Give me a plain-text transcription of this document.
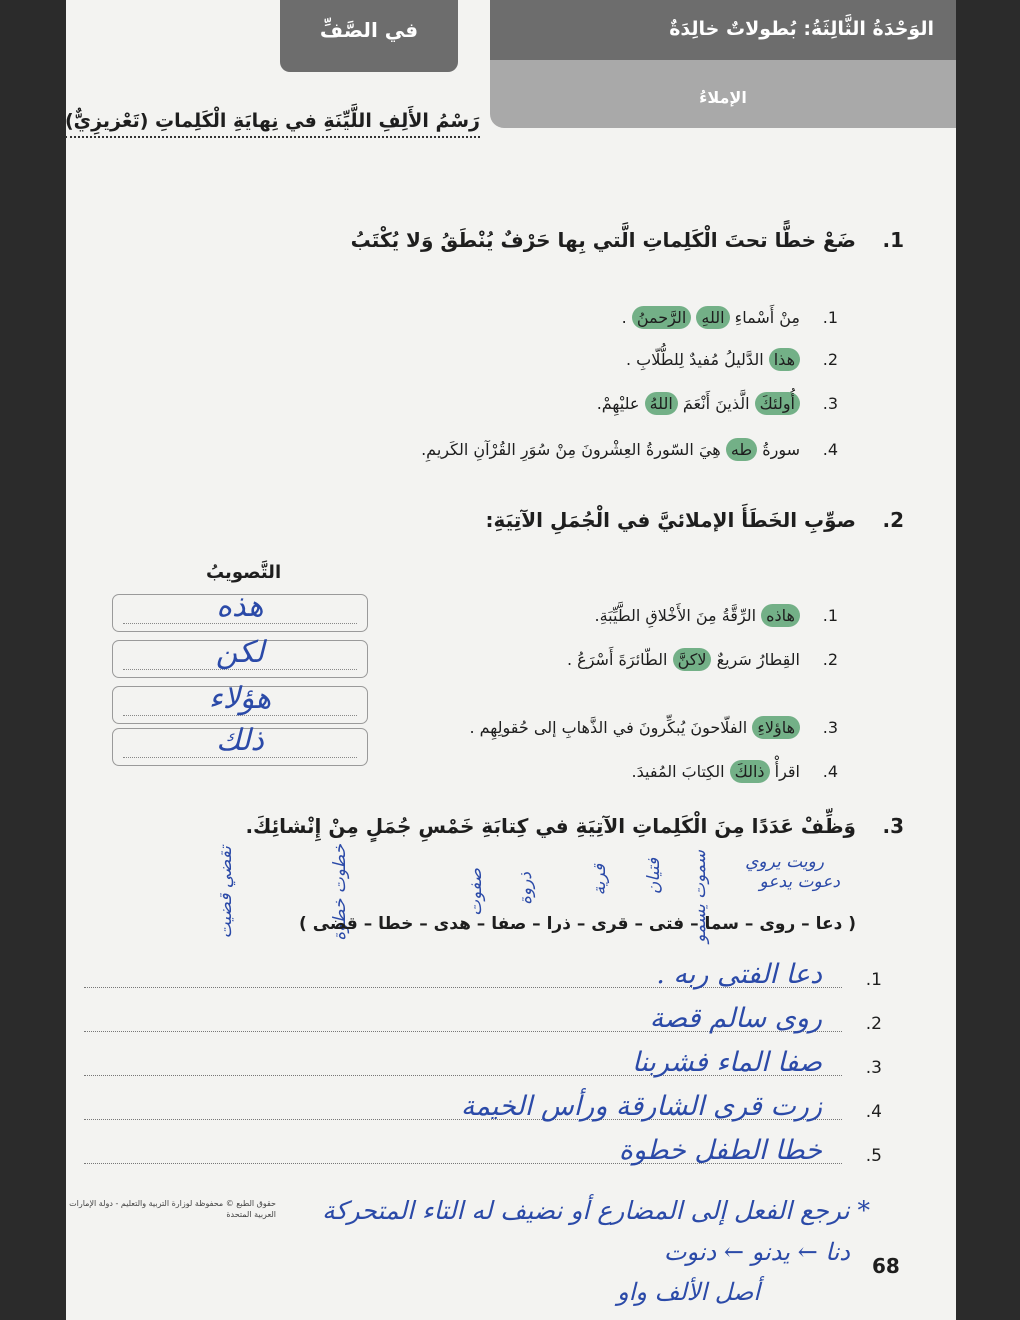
في الصَّفِّ	الوَحْدَةُ الثَّالِثَةُ: بُطولاتٌ خالِدَةٌ
الإملاءُ
رَسْمُ الأَلِفِ اللَّيِّنَةِ في نِهايَةِ الْكَلِماتِ (تَعْزيزِيٌّ)
1.ضَعْ خطًّا تحتَ الْكَلِماتِ الَّتي بِها حَرْفٌ يُنْطَقُ وَلا يُكْتَبُ
1.مِنْ أَسْماءِ اللهِ الرَّحمنُ .
2.هذا الدَّليلُ مُفيدٌ لِلطُّلّابِ .
3.أُولئكَ الَّذينَ أَنْعَمَ اللهُ عليْهِمْ.
4.سورةُ طه هِيَ السّورةُ العِشْرونَ مِنْ سُوَرِ القُرْآنِ الكَريمِ.
2.صوِّبِ الخَطَأَ الإملائيَّ في الْجُمَلِ الآتِيَةِ:
التَّصويبُ
1.هاذه الرِّقَّةُ مِنَ الأَخْلاقِ الطَّيِّبَةِ.
2.القِطارُ سَريعٌ لاكنَّ الطّائرَةَ أَسْرَعُ .
3.هاؤلاءِ الفلّاحونَ يُبكِّرونَ في الذَّهابِ إلى حُقولِهِم .
4.اقرأْ ذالكَ الكِتابَ المُفيدَ.
هذه
لكن
هؤلاء
ذلك
3.وَظِّفْ عَدَدًا مِنَ الْكَلِماتِ الآتِيَةِ في كِتابَةِ خَمْسِ جُمَلٍ مِنْ إِنْشائِكَ.
دعوت يدعو
رويت يروي
سموت يسمو
فتيان
قرية
ذروة
صفوت
خطوت خطوة
تقضي قضيت	( دعا – روى – سما – فتى – قرى – ذرا – صفا – هدى – خطا – قضى )
1.
دعا الفتى ربه .
2.
روى سالم قصة
3.
صفا الماء فشربنا
4.
زرت قرى الشارقة ورأس الخيمة
5.
خطا الطفل خطوة
* نرجع الفعل إلى المضارع أو نضيف له التاء المتحركة
دنا ← يدنو ← دنوت
أصل الألف واو
حقوق الطبع © محفوظة لوزارة التربية والتعليم - دولة الإمارات العربية المتحدة
68
